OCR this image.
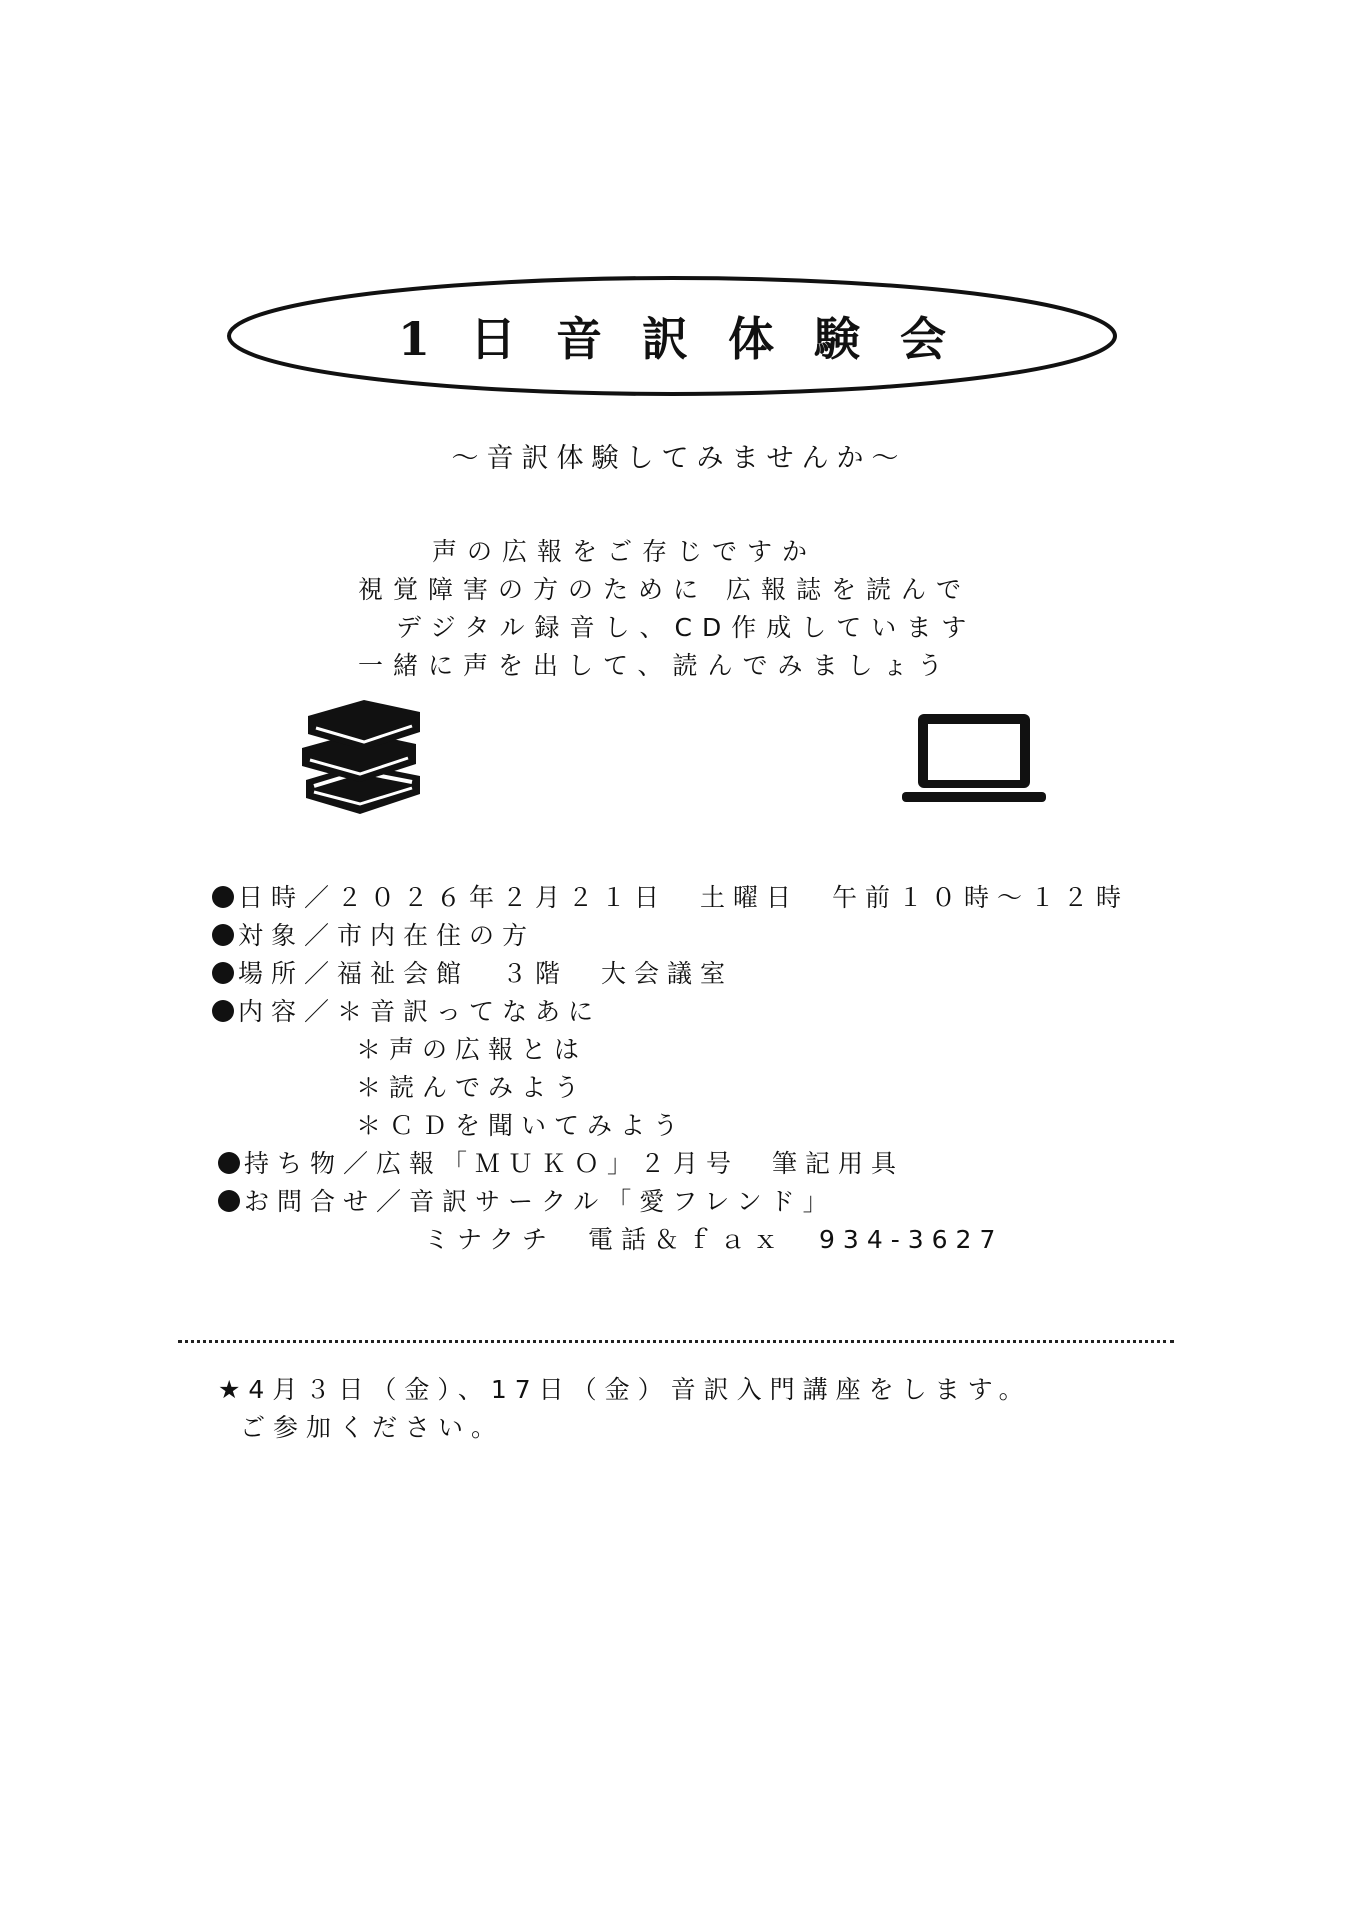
1日音訳体験会
～音訳体験してみませんか～
声の広報をご存じですか
視覚障害の方のために 広報誌を読んで
デジタル録音し、CD作成しています
一緒に声を出して、読んでみましょう
日時／２０２６年２月２１日　土曜日　午前１０時～１２時
対象／市内在住の方
場所／福祉会館　３階　大会議室
内容／＊音訳ってなあに
＊声の広報とは
＊読んでみよう
＊ＣＤを聞いてみよう
持ち物／広報「ＭＵＫＯ」２月号　筆記用具
お問合せ／音訳サークル「愛フレンド」
ミナクチ　電話＆ｆａｘ　934-3627
★4月３日（金）、17日（金）音訳入門講座をします。
ご参加ください。
